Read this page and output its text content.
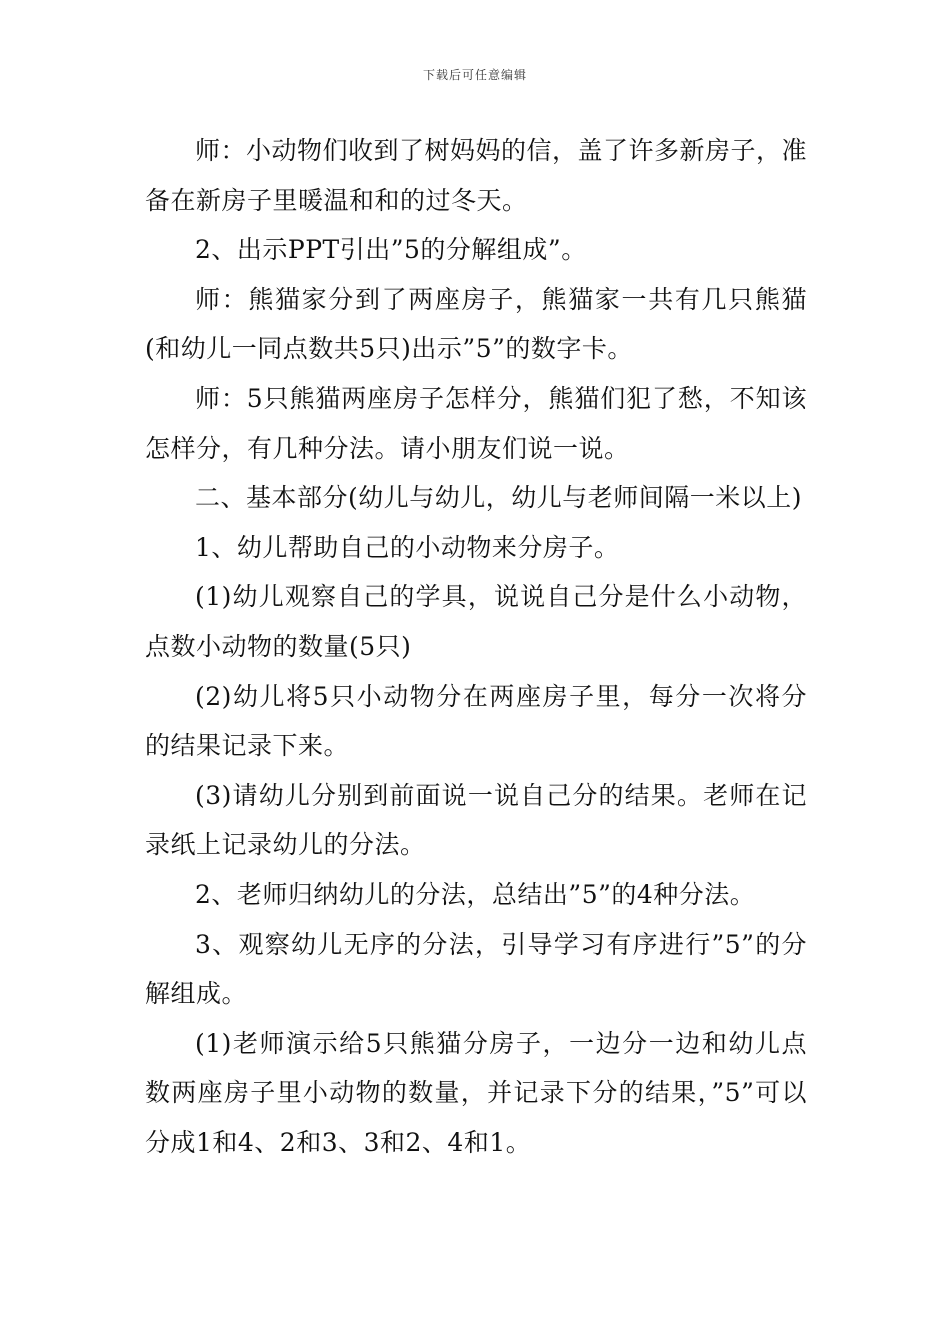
下载后可任意编辑

师：小动物们收到了树妈妈的信，盖了许多新房子，准备在新房子里暖温和和的过冬天。

2、出示PPT引出”5的分解组成”。

师：熊猫家分到了两座房子，熊猫家一共有几只熊猫(和幼儿一同点数共5只)出示”5”的数字卡。

师：5只熊猫两座房子怎样分，熊猫们犯了愁，不知该怎样分，有几种分法。请小朋友们说一说。

二、基本部分(幼儿与幼儿，幼儿与老师间隔一米以上)

1、幼儿帮助自己的小动物来分房子。

(1)幼儿观察自己的学具，说说自己分是什么小动物，点数小动物的数量(5只)

(2)幼儿将5只小动物分在两座房子里，每分一次将分的结果记录下来。

(3)请幼儿分别到前面说一说自己分的结果。老师在记录纸上记录幼儿的分法。

2、老师归纳幼儿的分法，总结出”5”的4种分法。

3、观察幼儿无序的分法，引导学习有序进行”5”的分解组成。

(1)老师演示给5只熊猫分房子，一边分一边和幼儿点数两座房子里小动物的数量，并记录下分的结果，”5”可以分成1和4、2和3、3和2、4和1。
